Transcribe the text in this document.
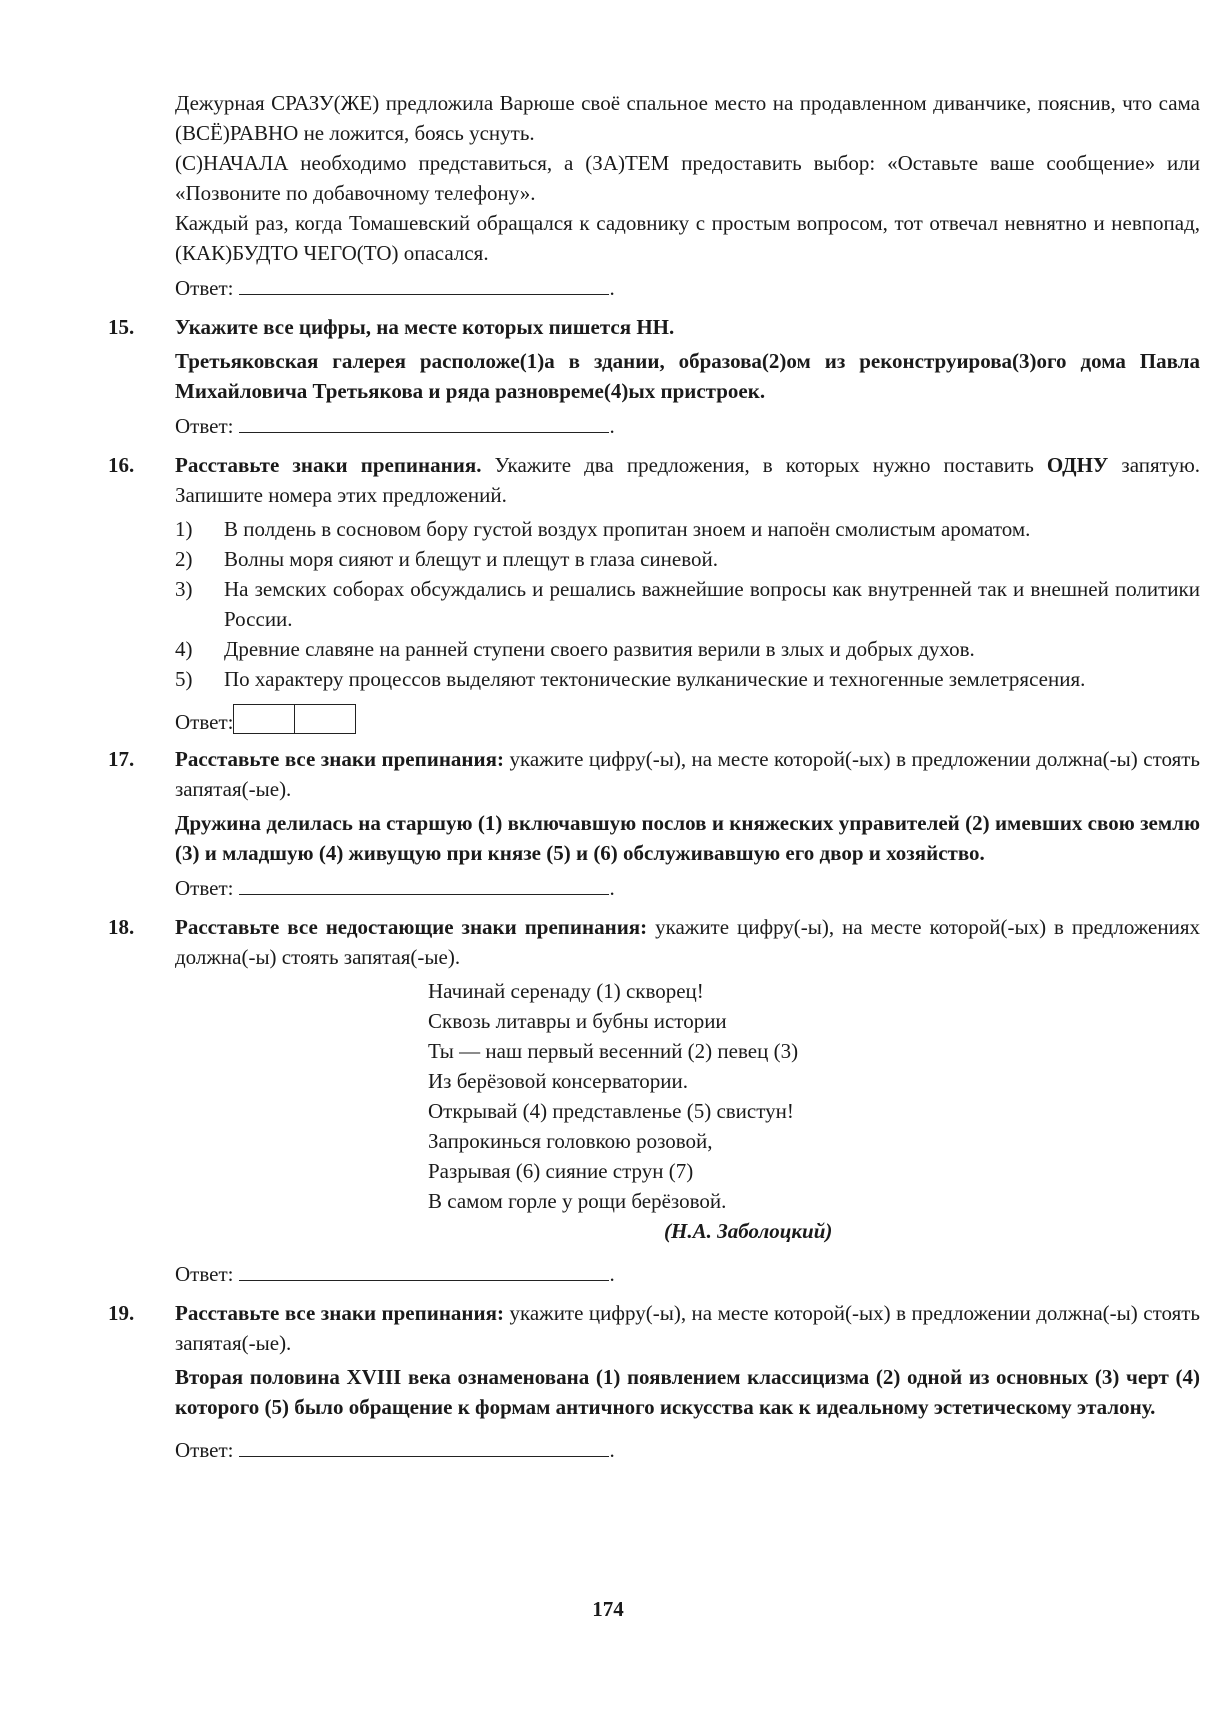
Дежурная СРАЗУ(ЖЕ) предложила Варюше своё спальное место на продавленном диванчике, пояснив, что сама (ВСЁ)РАВНО не ложится, боясь уснуть.
(С)НАЧАЛА необходимо представиться, а (ЗА)ТЕМ предоставить выбор: «Оставьте ваше сообщение» или «Позвоните по добавочному телефону».
Каждый раз, когда Томашевский обращался к садовнику с простым вопросом, тот отвечал невнятно и невпопад, (КАК)БУДТО ЧЕГО(ТО) опасался.
Ответ:	.
15. Укажите все цифры, на месте которых пишется НН.
Третьяковская галерея расположе(1)а в здании, образова(2)ом из реконструирова(3)ого дома Павла Михайловича Третьякова и ряда разновреме(4)ых пристроек.
Ответ:	.
16. Расставьте знаки препинания. Укажите два предложения, в которых нужно поставить ОДНУ запятую. Запишите номера этих предложений.
1)	В полдень в сосновом бору густой воздух пропитан зноем и напоён смолистым ароматом.
2)	Волны моря сияют и блещут и плещут в глаза синевой.
3)	На земских соборах обсуждались и решались важнейшие вопросы как внутренней так и внешней политики России.
4)	Древние славяне на ранней ступени своего развития верили в злых и добрых духов.
5)	По характеру процессов выделяют тектонические вулканические и техногенные землетрясения.
Ответ:
17. Расставьте все знаки препинания: укажите цифру(-ы), на месте которой(-ых) в предложении должна(-ы) стоять запятая(-ые).
Дружина делилась на старшую (1) включавшую послов и княжеских управителей (2) имевших свою землю (3) и младшую (4) живущую при князе (5) и (6) обслуживавшую его двор и хозяйство.
Ответ:	.
18. Расставьте все недостающие знаки препинания: укажите цифру(-ы), на месте которой(-ых) в предложениях должна(-ы) стоять запятая(-ые).
Начинай серенаду (1) скворец!
Сквозь литавры и бубны истории
Ты — наш первый весенний (2) певец (3)
Из берёзовой консерватории.
Открывай (4) представленье (5) свистун!
Запрокинься головкою розовой,
Разрывая (6) сияние струн (7)
В самом горле у рощи берёзовой.
(Н.А. Заболоцкий)
Ответ:	.
19. Расставьте все знаки препинания: укажите цифру(-ы), на месте которой(-ых) в предложении должна(-ы) стоять запятая(-ые).
Вторая половина XVIII века ознаменована (1) появлением классицизма (2) одной из основных (3) черт (4) которого (5) было обращение к формам античного искусства как к идеальному эстетическому эталону.
Ответ:	.
174
